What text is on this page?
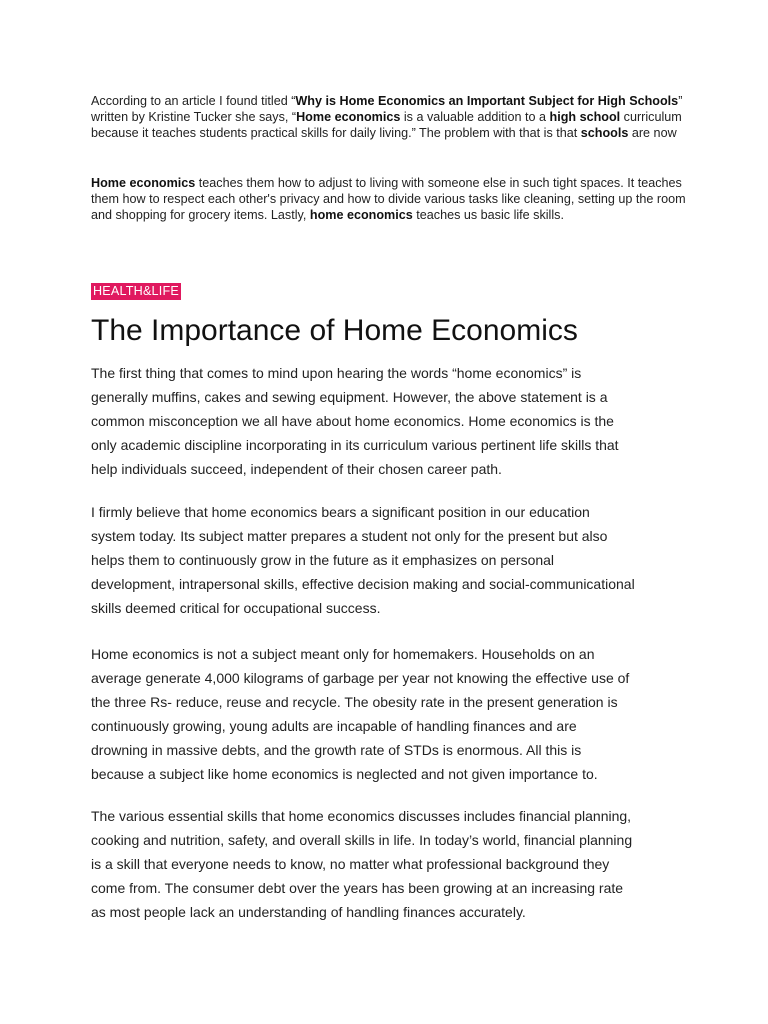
According to an article I found titled “Why is Home Economics an Important Subject for High Schools” written by Kristine Tucker she says, “Home economics is a valuable addition to a high school curriculum because it teaches students practical skills for daily living.” The problem with that is that schools are now

Home economics teaches them how to adjust to living with someone else in such tight spaces. It teaches them how to respect each other's privacy and how to divide various tasks like cleaning, setting up the room and shopping for grocery items. Lastly, home economics teaches us basic life skills.

HEALTH&LIFE
The Importance of Home Economics

The first thing that comes to mind upon hearing the words “home economics” is
generally muffins, cakes and sewing equipment. However, the above statement is a
common misconception we all have about home economics. Home economics is the
only academic discipline incorporating in its curriculum various pertinent life skills that
help individuals succeed, independent of their chosen career path.

I firmly believe that home economics bears a significant position in our education
system today. Its subject matter prepares a student not only for the present but also
helps them to continuously grow in the future as it emphasizes on personal
development, intrapersonal skills, effective decision making and social-communicational
skills deemed critical for occupational success.

Home economics is not a subject meant only for homemakers. Households on an
average generate 4,000 kilograms of garbage per year not knowing the effective use of
the three Rs- reduce, reuse and recycle. The obesity rate in the present generation is
continuously growing, young adults are incapable of handling finances and are
drowning in massive debts, and the growth rate of STDs is enormous. All this is
because a subject like home economics is neglected and not given importance to.

The various essential skills that home economics discusses includes financial planning,
cooking and nutrition, safety, and overall skills in life. In today’s world, financial planning
is a skill that everyone needs to know, no matter what professional background they
come from. The consumer debt over the years has been growing at an increasing rate
as most people lack an understanding of handling finances accurately.
